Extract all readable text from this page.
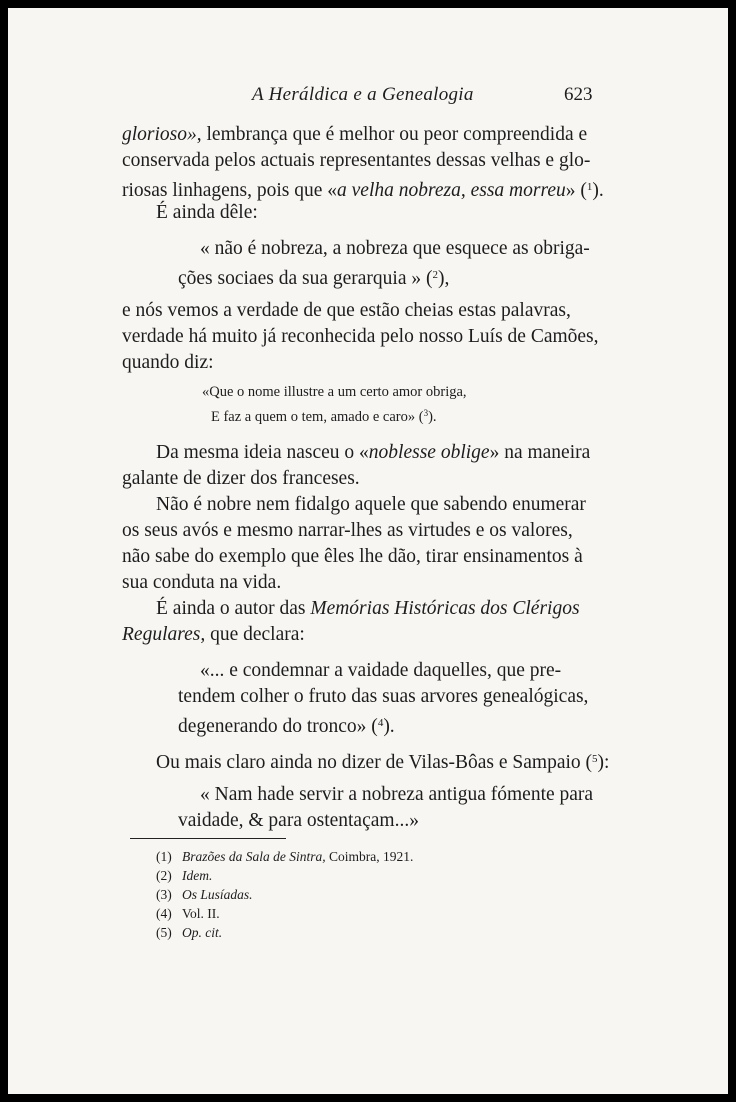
A Heráldica e a Genealogia	623
glorioso», lembrança que é melhor ou peor compreendida e
conservada pelos actuais representantes dessas velhas e glo-
riosas linhagens, pois que «a velha nobreza, essa morreu» ($^1$).
É ainda dêle:
« não é nobreza, a nobreza que esquece as obriga-
ções sociaes da sua gerarquia » ($^2$),
e nós vemos a verdade de que estão cheias estas palavras,
verdade há muito já reconhecida pelo nosso Luís de Camões,
quando diz:
«Que o nome illustre a um certo amor obriga,
E faz a quem o tem, amado e caro» ($^3$).
Da mesma ideia nasceu o «noblesse oblige» na maneira
galante de dizer dos franceses.
Não é nobre nem fidalgo aquele que sabendo enumerar
os seus avós e mesmo narrar-lhes as virtudes e os valores,
não sabe do exemplo que êles lhe dão, tirar ensinamentos à
sua conduta na vida.
É ainda o autor das Memórias Históricas dos Clérigos
Regulares, que declara:
«... e condemnar a vaidade daquelles, que pre-
tendem colher o fruto das suas arvores genealógicas,
degenerando do tronco» ($^4$).
Ou mais claro ainda no dizer de Vilas-Bôas e Sampaio ($^5$):
« Nam hade servir a nobreza antigua fómente para
vaidade, & para ostentaçam...»
(1) Brazões da Sala de Sintra, Coimbra, 1921.
(2) Idem.
(3) Os Lusíadas.
(4) Vol. II.
(5) Op. cit.
